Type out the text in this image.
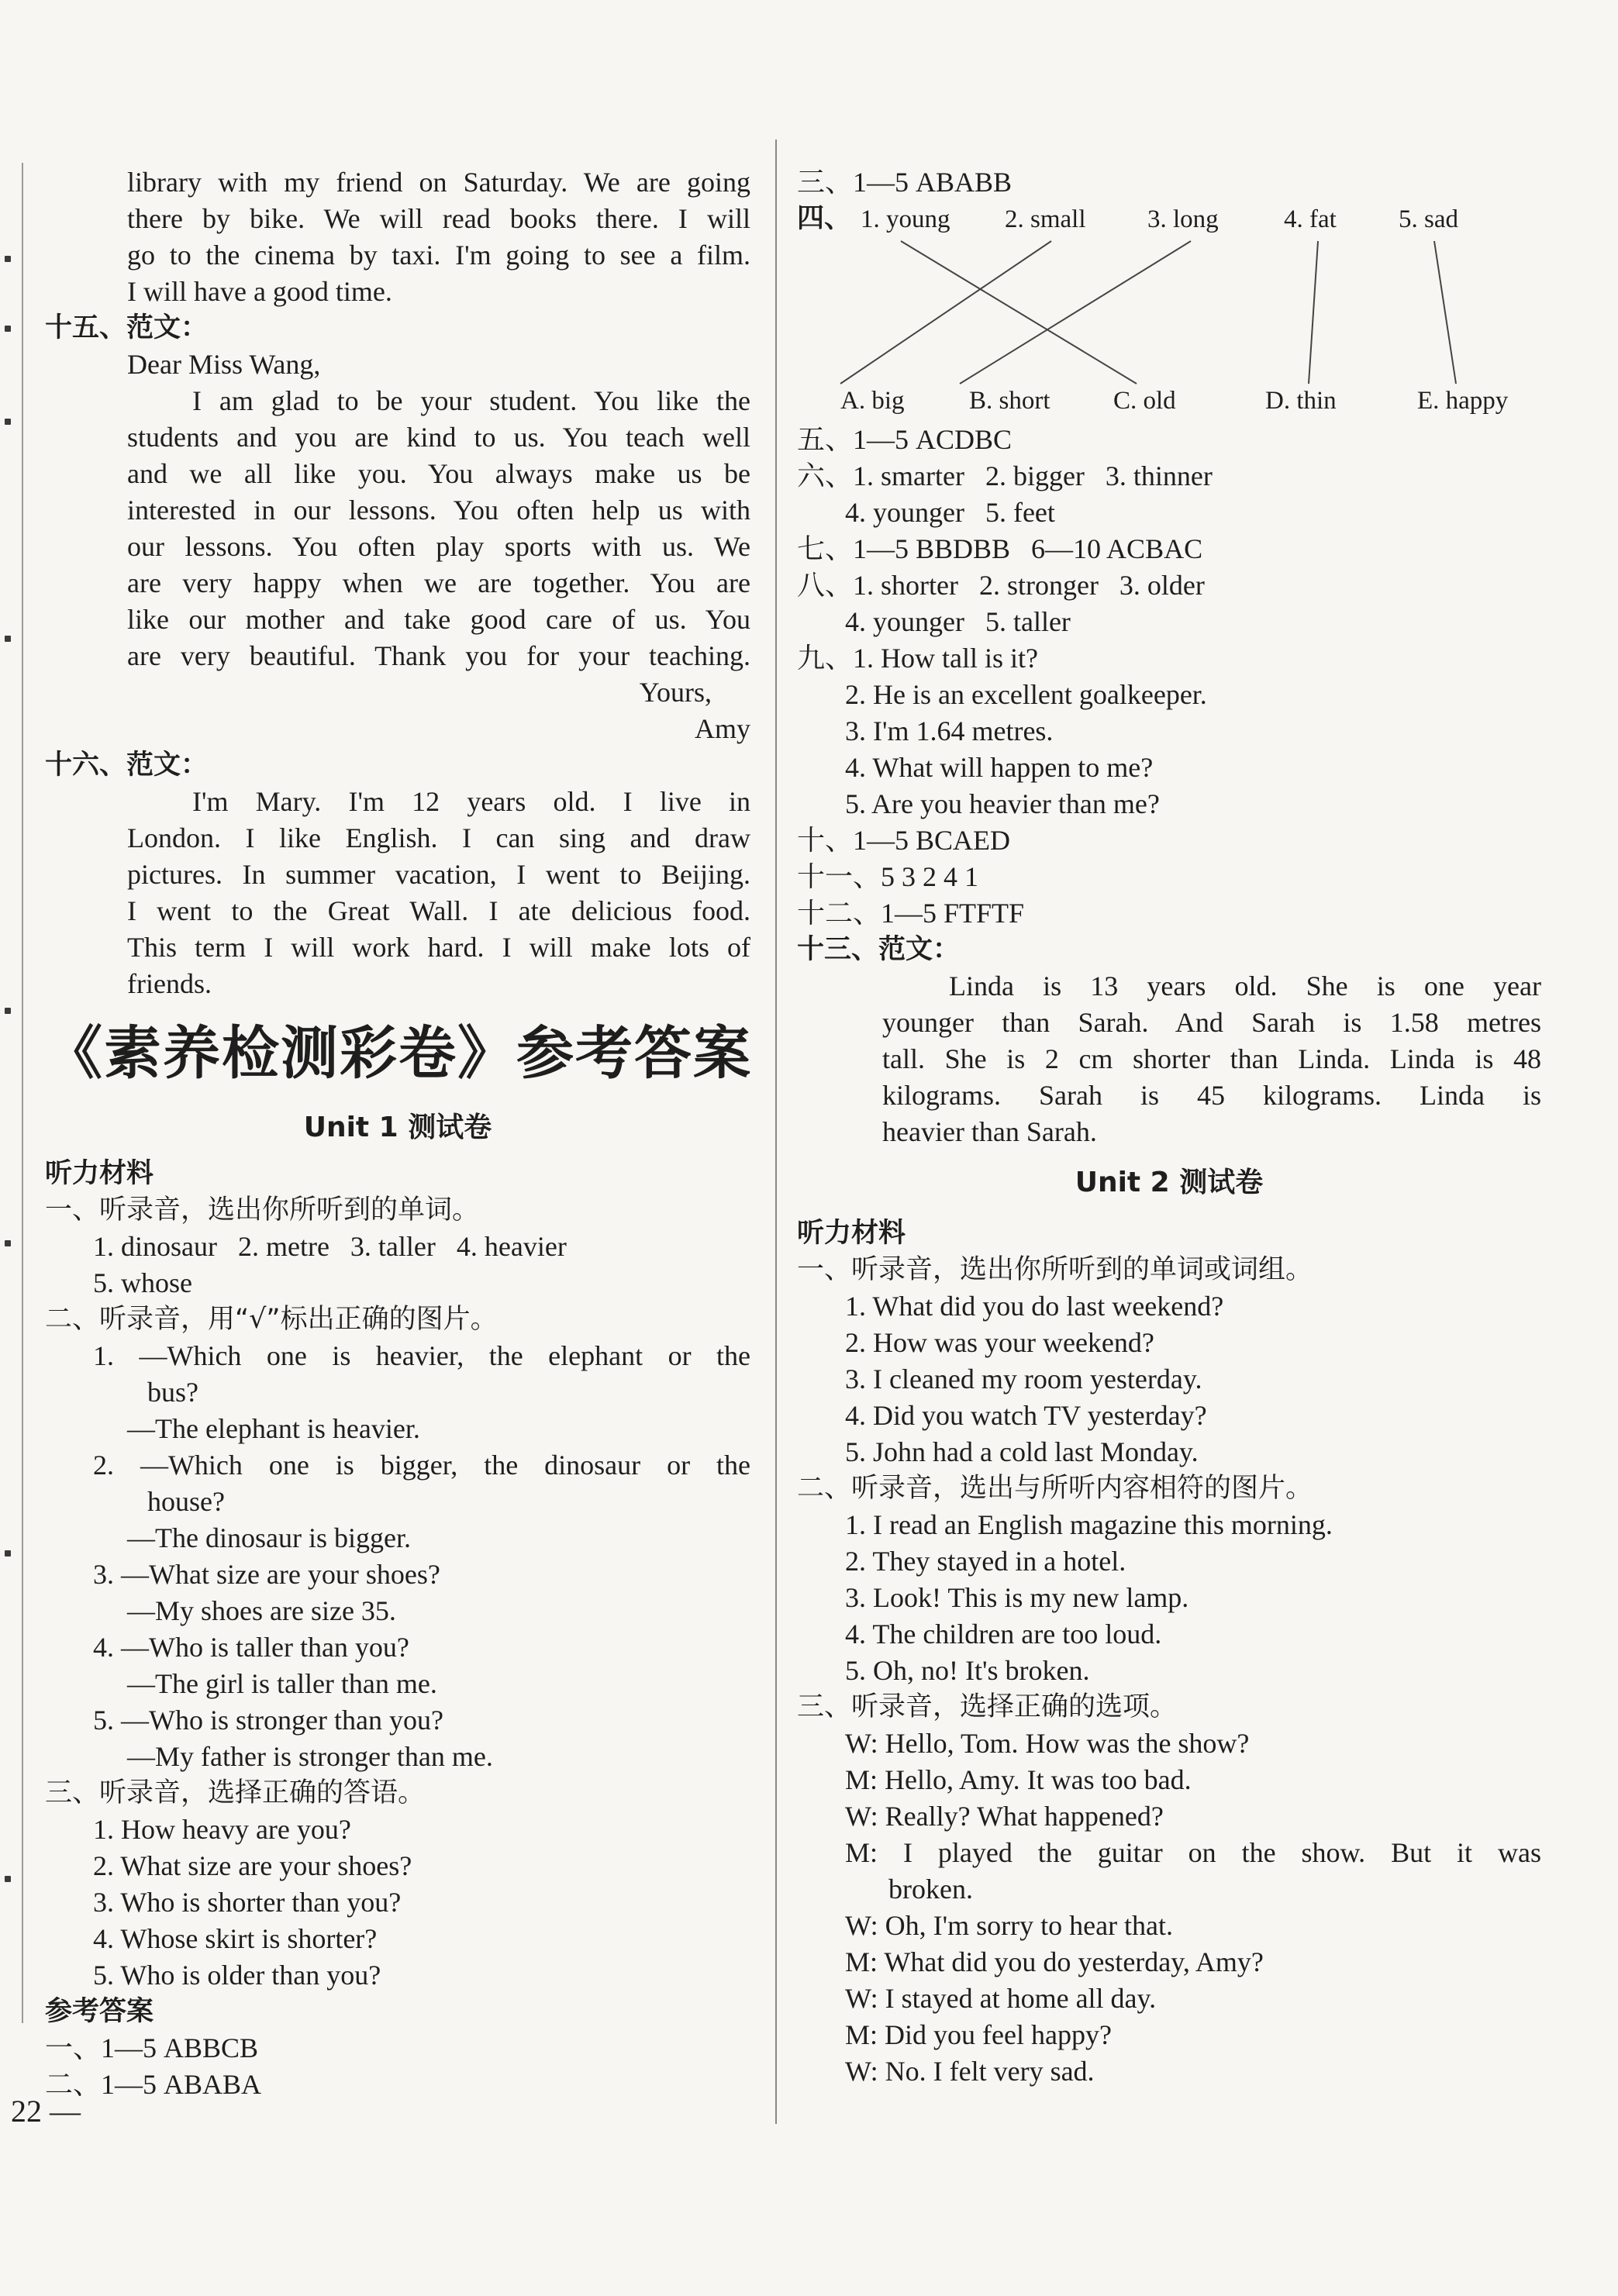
library with my friend on Saturday. We are going
there by bike. We will read books there. I will
go to the cinema by taxi. I'm going to see a film.
I will have a good time.
十五、范文：
Dear Miss Wang,
I am glad to be your student. You like the
students and you are kind to us. You teach well
and we all like you. You always make us be
interested in our lessons. You often help us with
our lessons. You often play sports with us. We
are very happy when we are together. You are
like our mother and take good care of us. You
are very beautiful. Thank you for your teaching.
Yours,
Amy
十六、范文：
I'm Mary. I'm 12 years old. I live in
London. I like English. I can sing and draw
pictures. In summer vacation, I went to Beijing.
I went to the Great Wall. I ate delicious food.
This term I will work hard. I will make lots of
friends.
《素养检测彩卷》参考答案
Unit 1 测试卷
听力材料
一、听录音，选出你所听到的单词。
1. dinosaur   2. metre   3. taller   4. heavier
5. whose
二、听录音，用“√”标出正确的图片。
1. —Which one is heavier, the elephant or the
bus?
—The elephant is heavier.
2. —Which one is bigger, the dinosaur or the
house?
—The dinosaur is bigger.
3. —What size are your shoes?
—My shoes are size 35.
4. —Who is taller than you?
—The girl is taller than me.
5. —Who is stronger than you?
—My father is stronger than me.
三、听录音，选择正确的答语。
1. How heavy are you?
2. What size are your shoes?
3. Who is shorter than you?
4. Whose skirt is shorter?
5. Who is older than you?
参考答案
一、1—5 ABBCB
二、1—5 ABABA
三、1—5 ABABB
四、 1. young 2. small 3. long	4. fat 5. sad
A. big	B. short C. old	D. thin	E. happy
五、1—5 ACDBC
六、1. smarter   2. bigger   3. thinner
4. younger   5. feet
七、1—5 BBDBB   6—10 ACBAC
八、1. shorter   2. stronger   3. older
4. younger   5. taller
九、1. How tall is it?
2. He is an excellent goalkeeper.
3. I'm 1.64 metres.
4. What will happen to me?
5. Are you heavier than me?
十、1—5 BCAED
十一、5 3 2 4 1
十二、1—5 FTFTF
十三、范文：
Linda is 13 years old. She is one year
younger than Sarah. And Sarah is 1.58 metres
tall. She is 2 cm shorter than Linda. Linda is 48
kilograms. Sarah is 45 kilograms. Linda is
heavier than Sarah.
Unit 2 测试卷
听力材料
一、听录音，选出你所听到的单词或词组。
1. What did you do last weekend?
2. How was your weekend?
3. I cleaned my room yesterday.
4. Did you watch TV yesterday?
5. John had a cold last Monday.
二、听录音，选出与所听内容相符的图片。
1. I read an English magazine this morning.
2. They stayed in a hotel.
3. Look! This is my new lamp.
4. The children are too loud.
5. Oh, no! It's broken.
三、听录音，选择正确的选项。
W: Hello, Tom. How was the show?
M: Hello, Amy. It was too bad.
W: Really? What happened?
M: I played the guitar on the show. But it was
broken.
W: Oh, I'm sorry to hear that.
M: What did you do yesterday, Amy?
W: I stayed at home all day.
M: Did you feel happy?
W: No. I felt very sad.
22 —
